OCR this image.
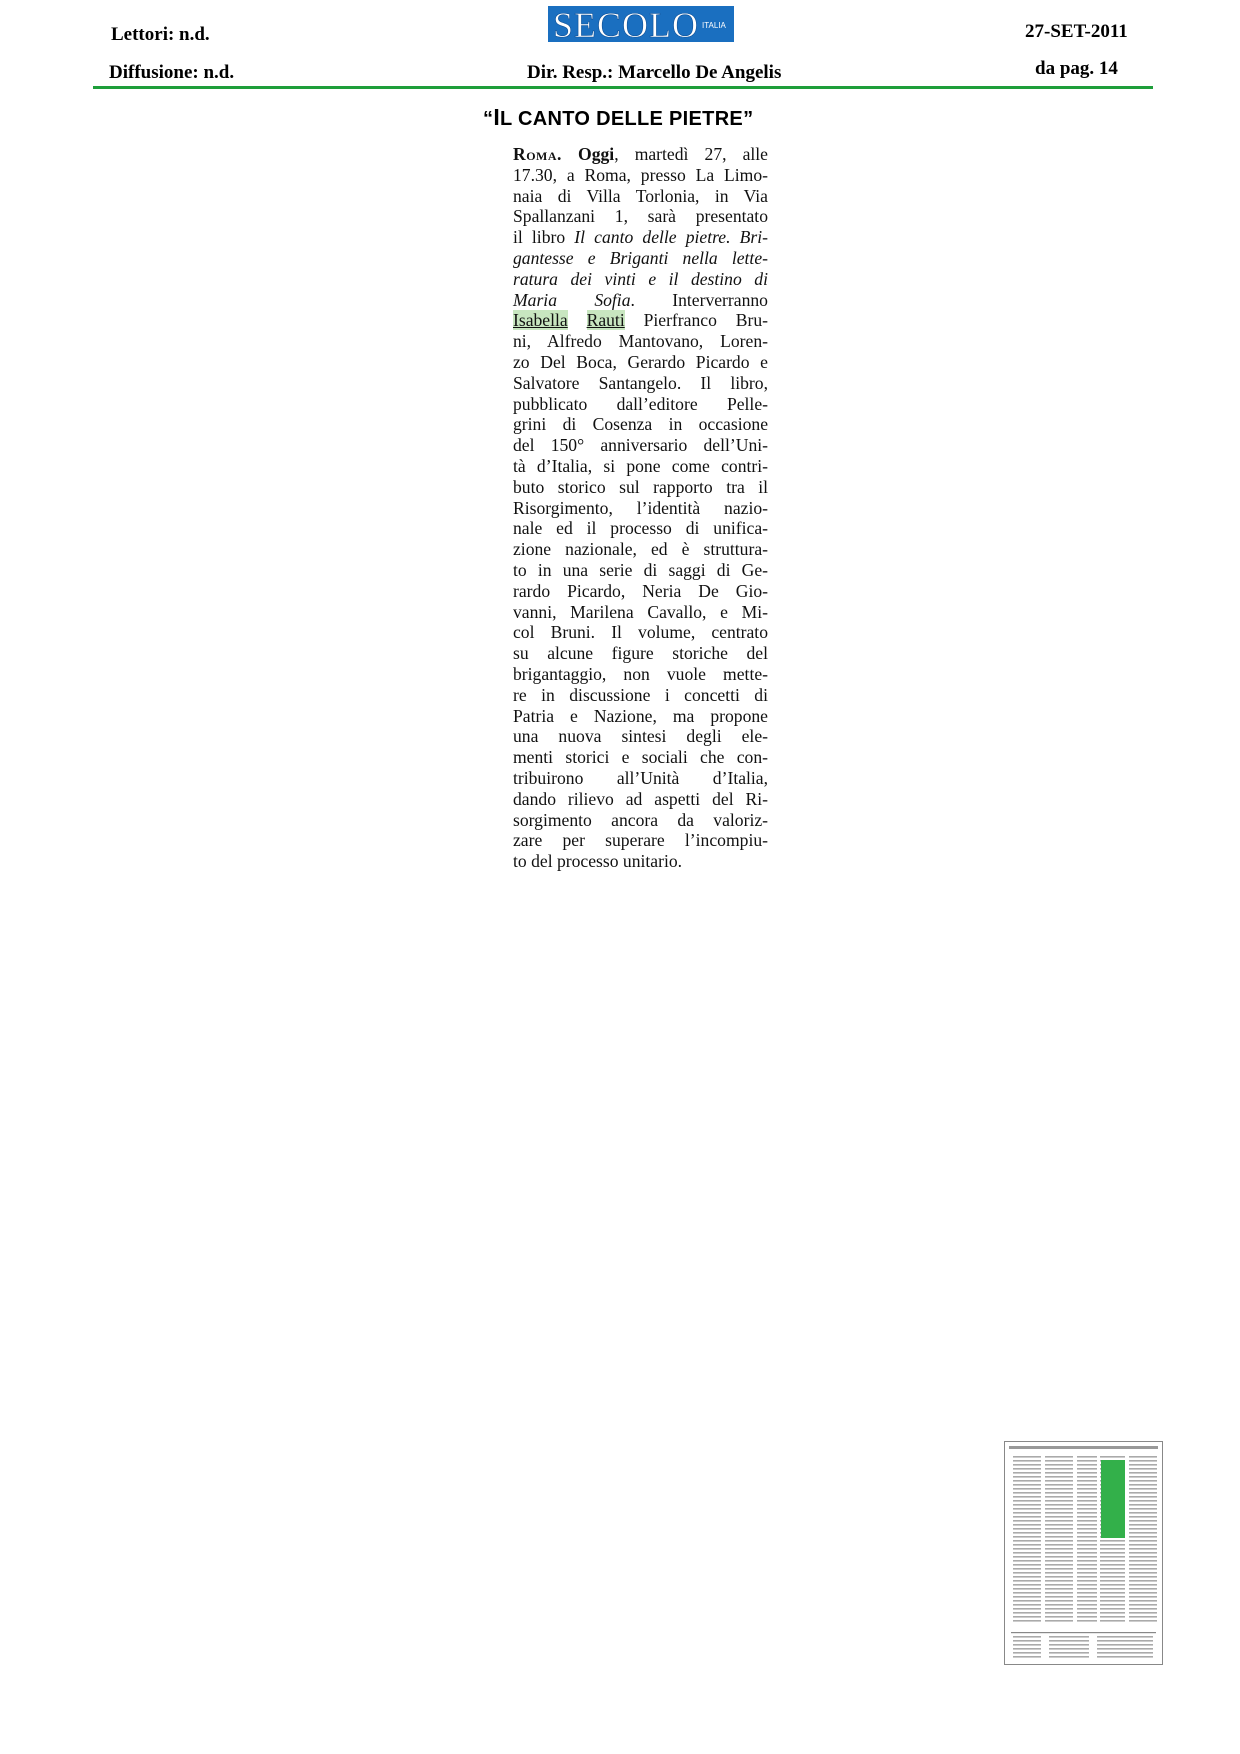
Lettori: n.d.
Diffusione: n.d.	Dir. Resp.: Marcello De Angelis
27-SET-2011
da pag. 14
SECOLO ITALIA
“IL CANTO DELLE PIETRE”
Roma. Oggi, martedì 27, alle
17.30, a Roma, presso La Limo-
naia di Villa Torlonia, in Via
Spallanzani 1, sarà presentato
il libro Il canto delle pietre. Bri-
gantesse e Briganti nella lette-
ratura dei vinti e il destino di
Maria Sofia. Interverranno
Isabella Rauti Pierfranco Bru-
ni, Alfredo Mantovano, Loren-
zo Del Boca, Gerardo Picardo e
Salvatore Santangelo. Il libro,
pubblicato dall’editore Pelle-
grini di Cosenza in occasione
del 150° anniversario dell’Uni-
tà d’Italia, si pone come contri-
buto storico sul rapporto tra il
Risorgimento, l’identità nazio-
nale ed il processo di unifica-
zione nazionale, ed è struttura-
to in una serie di saggi di Ge-
rardo Picardo, Neria De Gio-
vanni, Marilena Cavallo, e Mi-
col Bruni. Il volume, centrato
su alcune figure storiche del
brigantaggio, non vuole mette-
re in discussione i concetti di
Patria e Nazione, ma propone
una nuova sintesi degli ele-
menti storici e sociali che con-
tribuirono all’Unità d’Italia,
dando rilievo ad aspetti del Ri-
sorgimento ancora da valoriz-
zare per superare l’incompiu-
to del processo unitario.
